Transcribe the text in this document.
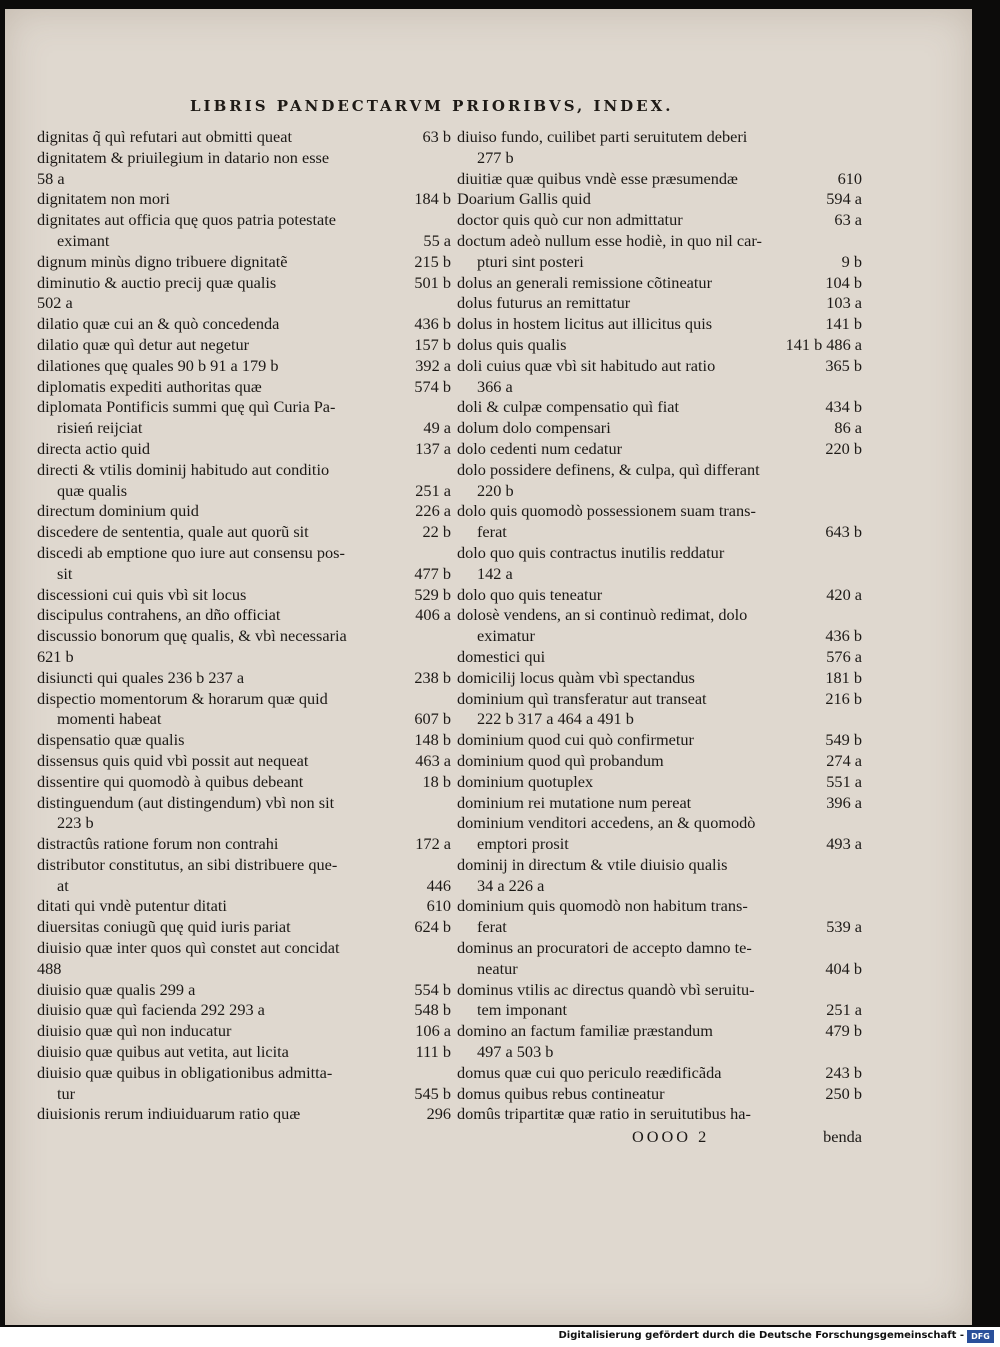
LIBRIS PANDECTARVM PRIORIBVS, INDEX.
dignitas q̃ quì refutari aut obmitti queat	63 b
dignitatem & priuilegium in datario non esse
58 a
dignitatem non mori	184 b
dignitates aut officia quę quos patria potestate
eximant	55 a
dignum minùs digno tribuere dignitatẽ	215 b
diminutio & auctio precij quæ qualis	501 b
502 a
dilatio quæ cui an & quò concedenda	436 b
dilatio quæ quì detur aut negetur	157 b
dilationes quę quales 90 b 91 a 179 b	392 a
diplomatis expediti authoritas quæ	574 b
diplomata Pontificis summi quę quì Curia Pa-
risień reijciat	49 a
directa actio quid	137 a
directi & vtilis dominij habitudo aut conditio
quæ qualis	251 a
directum dominium quid	226 a
discedere de sententia, quale aut quorũ sit	22 b
discedi ab emptione quo iure aut consensu pos-
sit	477 b
discessioni cui quis vbì sit locus	529 b
discipulus contrahens, an dño officiat	406 a
discussio bonorum quę qualis, & vbì necessaria
621 b
disiuncti qui quales 236 b 237 a	238 b
dispectio momentorum & horarum quæ quid
momenti habeat	607 b
dispensatio quæ qualis	148 b
dissensus quis quid vbì possit aut nequeat	463 a
dissentire qui quomodò à quibus debeant	18 b
distinguendum (aut distingendum) vbì non sit
223 b
distractûs ratione forum non contrahi	172 a
distributor constitutus, an sibi distribuere que-
at	446
ditati qui vndè putentur ditati	610
diuersitas coniugũ quę quid iuris pariat	624 b
diuisio quæ inter quos quì constet aut concidat
488
diuisio quæ qualis 299 a	554 b
diuisio quæ quì facienda 292 293 a	548 b
diuisio quæ quì non inducatur	106 a
diuisio quæ quibus aut vetita, aut licita	111 b
diuisio quæ quibus in obligationibus admitta-
tur	545 b
diuisionis rerum indiuiduarum ratio quæ	296
diuiso fundo, cuilibet parti seruitutem deberi
277 b
diuitiæ quæ quibus vndè esse præsumendæ	610
Doarium Gallis quid	594 a
doctor quis quò cur non admittatur	63 a
doctum adeò nullum esse hodiè, in quo nil car-
pturi sint posteri	9 b
dolus an generali remissione cõtineatur	104 b
dolus futurus an remittatur	103 a
dolus in hostem licitus aut illicitus quis	141 b
dolus quis qualis	141 b 486 a
doli cuius quæ vbì sit habitudo aut ratio	365 b
366 a
doli & culpæ compensatio quì fiat	434 b
dolum dolo compensari	86 a
dolo cedenti num cedatur	220 b
dolo possidere definens, & culpa, quì differant
220 b
dolo quis quomodò possessionem suam trans-
ferat	643 b
dolo quo quis contractus inutilis reddatur
142 a
dolo quo quis teneatur	420 a
dolosè vendens, an si continuò redimat, dolo
eximatur	436 b
domestici qui	576 a
domicilij locus quàm vbì spectandus	181 b
dominium quì transferatur aut transeat	216 b
222 b 317 a 464 a 491 b
dominium quod cui quò confirmetur	549 b
dominium quod quì probandum	274 a
dominium quotuplex	551 a
dominium rei mutatione num pereat	396 a
dominium venditori accedens, an & quomodò
emptori prosit	493 a
dominij in directum & vtile diuisio qualis
34 a 226 a
dominium quis quomodò non habitum trans-
ferat	539 a
dominus an procuratori de accepto damno te-
neatur	404 b
dominus vtilis ac directus quandò vbì seruitu-
tem imponant	251 a
domino an factum familiæ præstandum	479 b
497 a 503 b
domus quæ cui quo periculo reædificãda	243 b
domus quibus rebus contineatur	250 b
domûs tripartitæ quæ ratio in seruitutibus ha-
OOOO 2	benda
Digitalisierung gefördert durch die Deutsche Forschungsgemeinschaft - DFG
